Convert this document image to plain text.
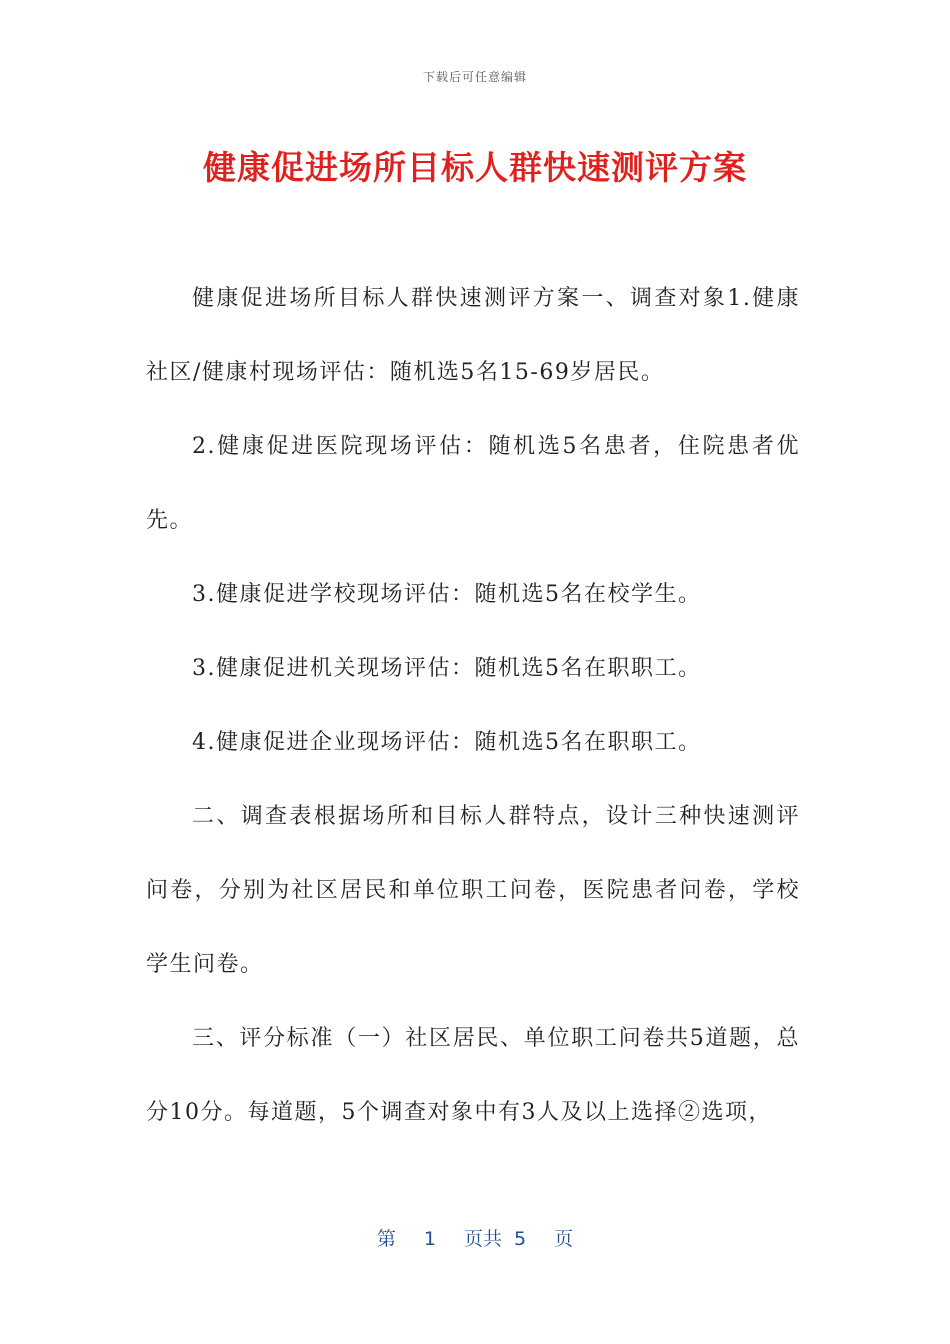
下载后可任意编辑
健康促进场所目标人群快速测评方案

健康促进场所目标人群快速测评方案一、调查对象1.健康社区/健康村现场评估：随机选5名15-69岁居民。

2.健康促进医院现场评估：随机选5名患者，住院患者优先。

3.健康促进学校现场评估：随机选5名在校学生。

3.健康促进机关现场评估：随机选5名在职职工。

4.健康促进企业现场评估：随机选5名在职职工。

二、调查表根据场所和目标人群特点，设计三种快速测评问卷，分别为社区居民和单位职工问卷，医院患者问卷，学校学生问卷。

三、评分标准（一）社区居民、单位职工问卷共5道题，总分10分。每道题，5个调查对象中有3人及以上选择②选项，

第 1 页共 5 页
